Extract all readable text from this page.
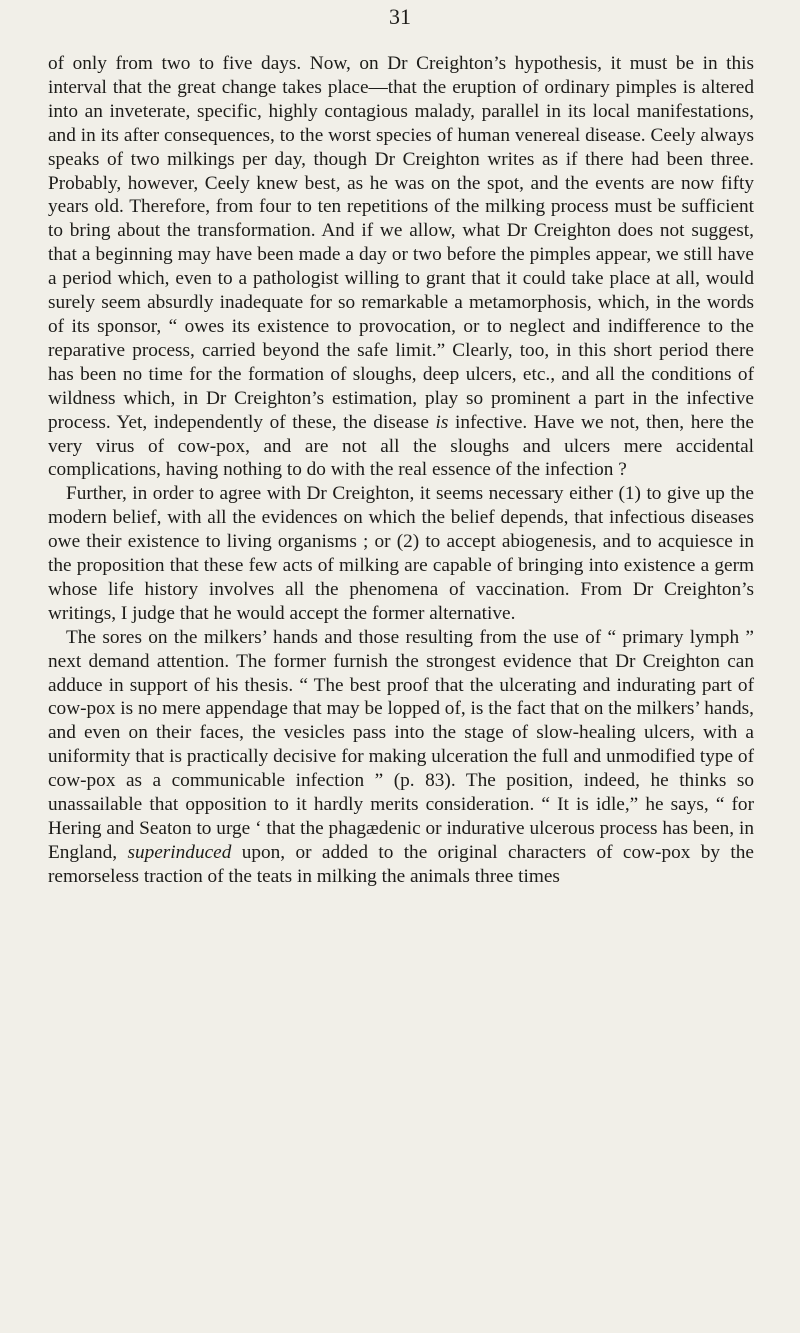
31

of only from two to five days. Now, on Dr Creighton’s hypothesis, it must be in this interval that the great change takes place—that the eruption of ordinary pimples is altered into an inveterate, specific, highly contagious malady, parallel in its local manifestations, and in its after consequences, to the worst species of human venereal disease. Ceely always speaks of two milkings per day, though Dr Creighton writes as if there had been three. Probably, however, Ceely knew best, as he was on the spot, and the events are now fifty years old. Therefore, from four to ten repetitions of the milking process must be sufficient to bring about the transformation. And if we allow, what Dr Creighton does not suggest, that a beginning may have been made a day or two before the pimples appear, we still have a period which, even to a pathologist willing to grant that it could take place at all, would surely seem absurdly inadequate for so remarkable a metamorphosis, which, in the words of its sponsor, “ owes its existence to provocation, or to neglect and indifference to the reparative process, carried beyond the safe limit.” Clearly, too, in this short period there has been no time for the formation of sloughs, deep ulcers, etc., and all the conditions of wildness which, in Dr Creighton’s estimation, play so prominent a part in the infective process. Yet, independently of these, the disease is infective. Have we not, then, here the very virus of cow-pox, and are not all the sloughs and ulcers mere accidental complications, having nothing to do with the real essence of the infection ?

Further, in order to agree with Dr Creighton, it seems necessary either (1) to give up the modern belief, with all the evidences on which the belief depends, that infectious diseases owe their existence to living organisms ; or (2) to accept abiogenesis, and to acquiesce in the proposition that these few acts of milking are capable of bringing into existence a germ whose life history involves all the phenomena of vaccination. From Dr Creighton’s writings, I judge that he would accept the former alternative.

The sores on the milkers’ hands and those resulting from the use of “ primary lymph ” next demand attention. The former furnish the strongest evidence that Dr Creighton can adduce in support of his thesis. “ The best proof that the ulcerating and indurating part of cow-pox is no mere appendage that may be lopped of, is the fact that on the milkers’ hands, and even on their faces, the vesicles pass into the stage of slow-healing ulcers, with a uniformity that is practically decisive for making ulceration the full and unmodified type of cow-pox as a communicable infection ” (p. 83). The position, indeed, he thinks so unassailable that opposition to it hardly merits consideration. “ It is idle,” he says, “ for Hering and Seaton to urge ‘ that the phagædenic or indurative ulcerous process has been, in England, superinduced upon, or added to the original characters of cow-pox by the remorseless traction of the teats in milking the animals three times
